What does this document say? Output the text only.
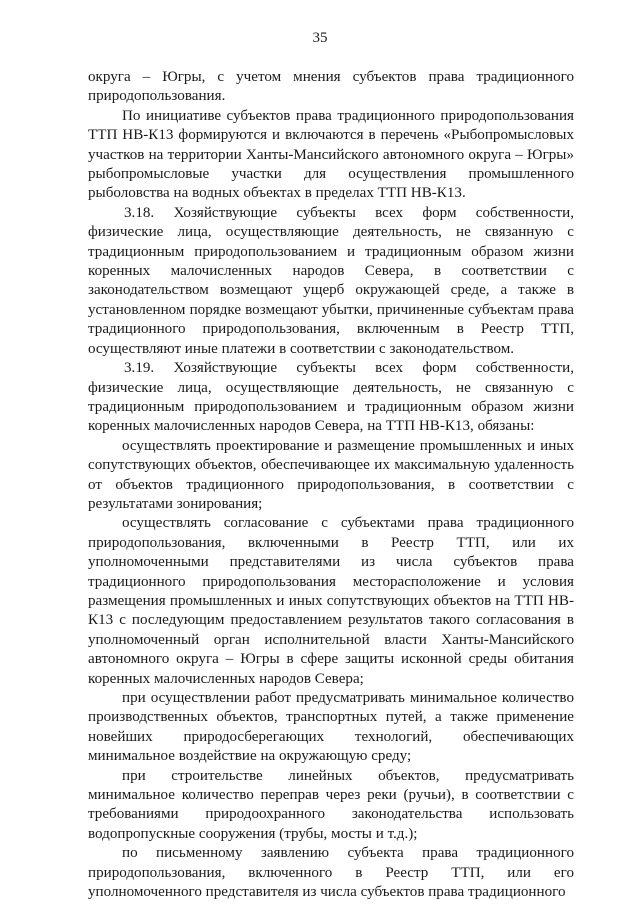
35

округа – Югры, с учетом мнения субъектов права традиционного природопользования.

По инициативе субъектов права традиционного природопользования ТТП НВ-К13 формируются и включаются в перечень «Рыбопромысловых участков на территории Ханты-Мансийского автономного округа – Югры» рыбопромысловые участки для осуществления промышленного рыболовства на водных объектах в пределах ТТП НВ-К13.

3.18. Хозяйствующие субъекты всех форм собственности, физические лица, осуществляющие деятельность, не связанную с традиционным природопользованием и традиционным образом жизни коренных малочисленных народов Севера, в соответствии с законодательством возмещают ущерб окружающей среде, а также в установленном порядке возмещают убытки, причиненные субъектам права традиционного природопользования, включенным в Реестр ТТП, осуществляют иные платежи в соответствии с законодательством.

3.19. Хозяйствующие субъекты всех форм собственности, физические лица, осуществляющие деятельность, не связанную с традиционным природопользованием и традиционным образом жизни коренных малочисленных народов Севера, на ТТП НВ-К13, обязаны:

осуществлять проектирование и размещение промышленных и иных сопутствующих объектов, обеспечивающее их максимальную удаленность от объектов традиционного природопользования, в соответствии с результатами зонирования;

осуществлять согласование с субъектами права традиционного природопользования, включенными в Реестр ТТП, или их уполномоченными представителями из числа субъектов права традиционного природопользования месторасположение и условия размещения промышленных и иных сопутствующих объектов на ТТП НВ-К13 с последующим предоставлением результатов такого согласования в уполномоченный орган исполнительной власти Ханты-Мансийского автономного округа – Югры в сфере защиты исконной среды обитания коренных малочисленных народов Севера;

при осуществлении работ предусматривать минимальное количество производственных объектов, транспортных путей, а также применение новейших природосберегающих технологий, обеспечивающих минимальное воздействие на окружающую среду;

при строительстве линейных объектов, предусматривать минимальное количество переправ через реки (ручьи), в соответствии с требованиями природоохранного законодательства использовать водопропускные сооружения (трубы, мосты и т.д.);

по письменному заявлению субъекта права традиционного природопользования, включенного в Реестр ТТП, или его уполномоченного представителя из числа субъектов права традиционного
